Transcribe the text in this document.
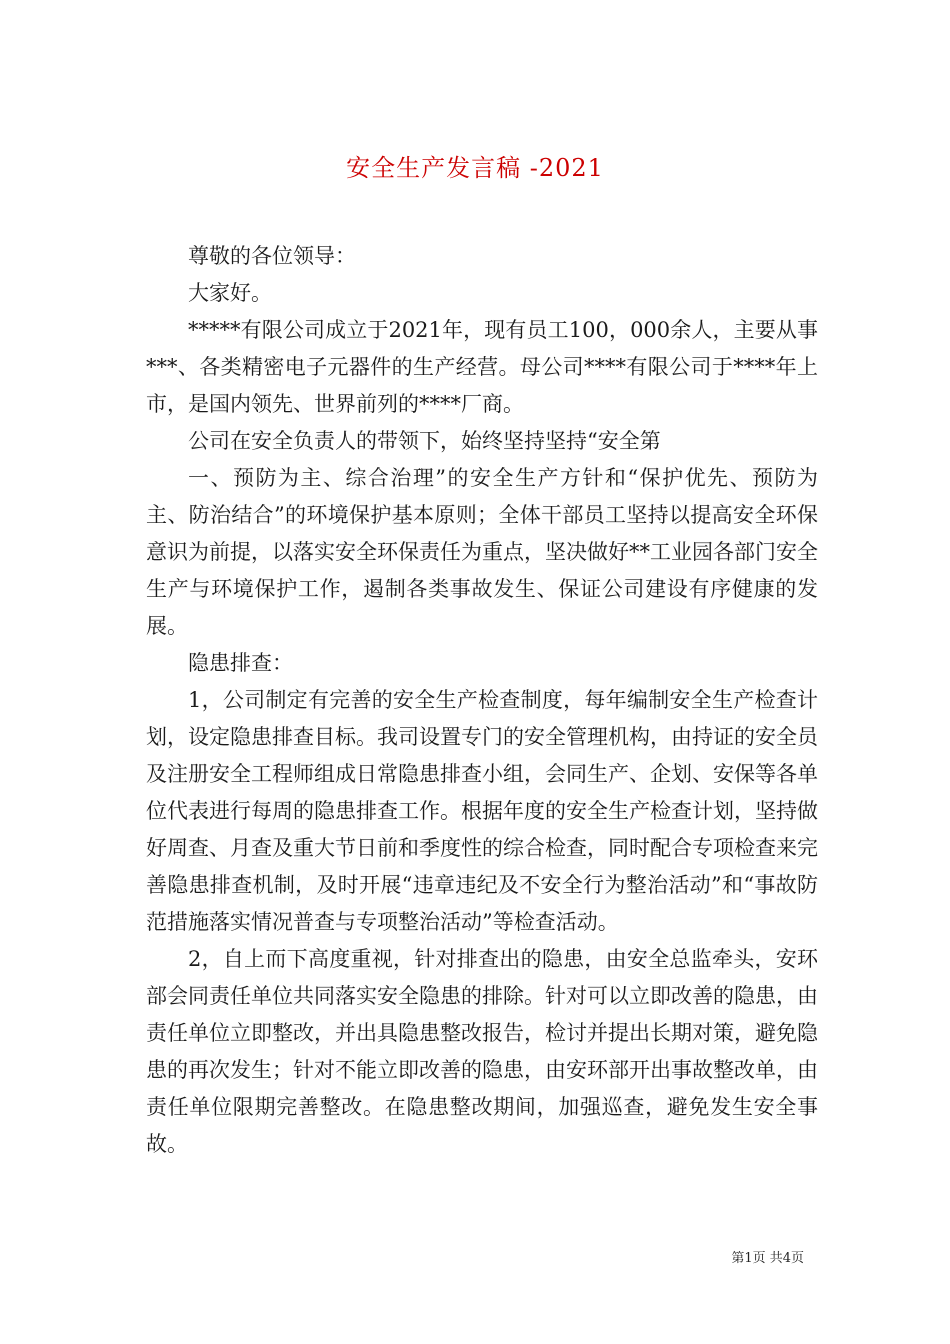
安全生产发言稿 -2021

尊敬的各位领导：

大家好。

*****有限公司成立于2021年，现有员工100，000余人，主要从事***、各类精密电子元器件的生产经营。母公司****有限公司于****年上市，是国内领先、世界前列的****厂商。

公司在安全负责人的带领下，始终坚持坚持“安全第

一、预防为主、综合治理”的安全生产方针和“保护优先、预防为主、防治结合”的环境保护基本原则；全体干部员工坚持以提高安全环保意识为前提，以落实安全环保责任为重点，坚决做好**工业园各部门安全生产与环境保护工作，遏制各类事故发生、保证公司建设有序健康的发展。

隐患排查：

1，公司制定有完善的安全生产检查制度，每年编制安全生产检查计划，设定隐患排查目标。我司设置专门的安全管理机构，由持证的安全员及注册安全工程师组成日常隐患排查小组，会同生产、企划、安保等各单位代表进行每周的隐患排查工作。根据年度的安全生产检查计划，坚持做好周查、月查及重大节日前和季度性的综合检查，同时配合专项检查来完善隐患排查机制，及时开展“违章违纪及不安全行为整治活动”和“事故防范措施落实情况普查与专项整治活动”等检查活动。

2，自上而下高度重视，针对排查出的隐患，由安全总监牵头，安环部会同责任单位共同落实安全隐患的排除。针对可以立即改善的隐患，由责任单位立即整改，并出具隐患整改报告，检讨并提出长期对策，避免隐患的再次发生；针对不能立即改善的隐患，由安环部开出事故整改单，由责任单位限期完善整改。在隐患整改期间，加强巡查，避免发生安全事故。

第1页 共4页
